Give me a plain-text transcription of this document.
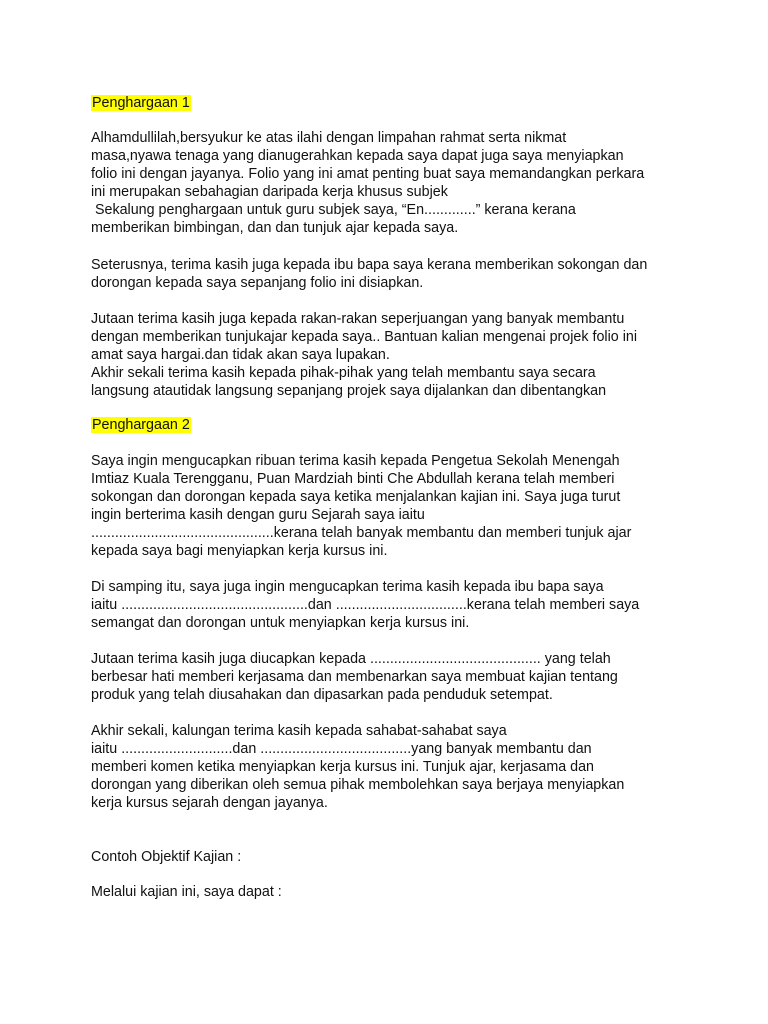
Penghargaan 1
Alhamdullilah,bersyukur ke atas ilahi dengan limpahan rahmat serta nikmat
masa,nyawa tenaga yang dianugerahkan kepada saya dapat juga saya menyiapkan
folio ini dengan jayanya. Folio yang ini amat penting buat saya memandangkan perkara
ini merupakan sebahagian daripada kerja khusus subjek
Sekalung penghargaan untuk guru subjek saya, “En.............” kerana kerana
memberikan bimbingan, dan dan tunjuk ajar kepada saya.
Seterusnya, terima kasih juga kepada ibu bapa saya kerana memberikan sokongan dan
dorongan kepada saya sepanjang folio ini disiapkan.
Jutaan terima kasih juga kepada rakan-rakan seperjuangan yang banyak membantu
dengan memberikan tunjukajar kepada saya.. Bantuan kalian mengenai projek folio ini
amat saya hargai.dan tidak akan saya lupakan.
Akhir sekali terima kasih kepada pihak-pihak yang telah membantu saya secara
langsung atautidak langsung sepanjang projek saya dijalankan dan dibentangkan
Penghargaan 2
Saya ingin mengucapkan ribuan terima kasih kepada Pengetua Sekolah Menengah
Imtiaz Kuala Terengganu, Puan Mardziah binti Che Abdullah kerana telah memberi
sokongan dan dorongan kepada saya ketika menjalankan kajian ini. Saya juga turut
ingin berterima kasih dengan guru Sejarah saya iaitu
..............................................kerana telah banyak membantu dan memberi tunjuk ajar
kepada saya bagi menyiapkan kerja kursus ini.
Di samping itu, saya juga ingin mengucapkan terima kasih kepada ibu bapa saya
iaitu ...............................................dan .................................kerana telah memberi saya
semangat dan dorongan untuk menyiapkan kerja kursus ini.
Jutaan terima kasih juga diucapkan kepada ........................................... yang telah
berbesar hati memberi kerjasama dan membenarkan saya membuat kajian tentang
produk yang telah diusahakan dan dipasarkan pada penduduk setempat.
Akhir sekali, kalungan terima kasih kepada sahabat-sahabat saya
iaitu ............................dan ......................................yang banyak membantu dan
memberi komen ketika menyiapkan kerja kursus ini. Tunjuk ajar, kerjasama dan
dorongan yang diberikan oleh semua pihak membolehkan saya berjaya menyiapkan
kerja kursus sejarah dengan jayanya.
Contoh Objektif Kajian :
Melalui kajian ini, saya dapat :
